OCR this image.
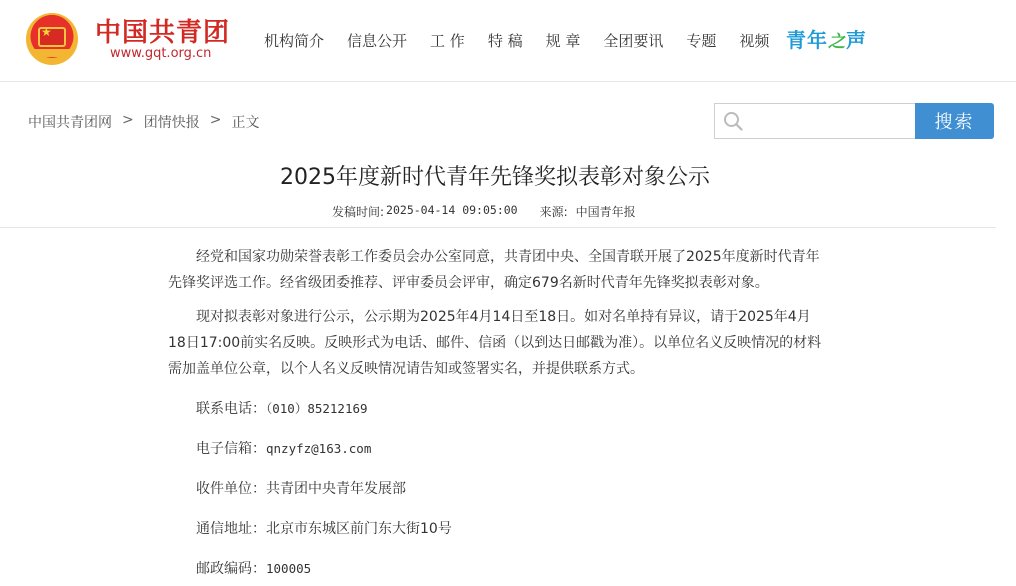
★ 中国共青团
www.gqt.org.cn
机构简介 信息公开 工 作 特 稿 规 章 全团要讯 专题 视频 青年之声
中国共青团网 > 团情快报 > 正文	搜索
2025年度新时代青年先锋奖拟表彰对象公示
发稿时间: 2025-04-14 09:05:00 来源: 中国青年报

经党和国家功勋荣誉表彰工作委员会办公室同意，共青团中央、全国青联开展了2025年度新时代青年先锋奖评选工作。经省级团委推荐、评审委员会评审，确定679名新时代青年先锋奖拟表彰对象。

现对拟表彰对象进行公示，公示期为2025年4月14日至18日。如对名单持有异议，请于2025年4月18日17:00前实名反映。反映形式为电话、邮件、信函（以到达日邮戳为准）。以单位名义反映情况的材料需加盖单位公章，以个人名义反映情况请告知或签署实名，并提供联系方式。

联系电话：（010）85212169

电子信箱：qnzyfz@163.com

收件单位：共青团中央青年发展部

通信地址：北京市东城区前门东大街10号

邮政编码：100005
